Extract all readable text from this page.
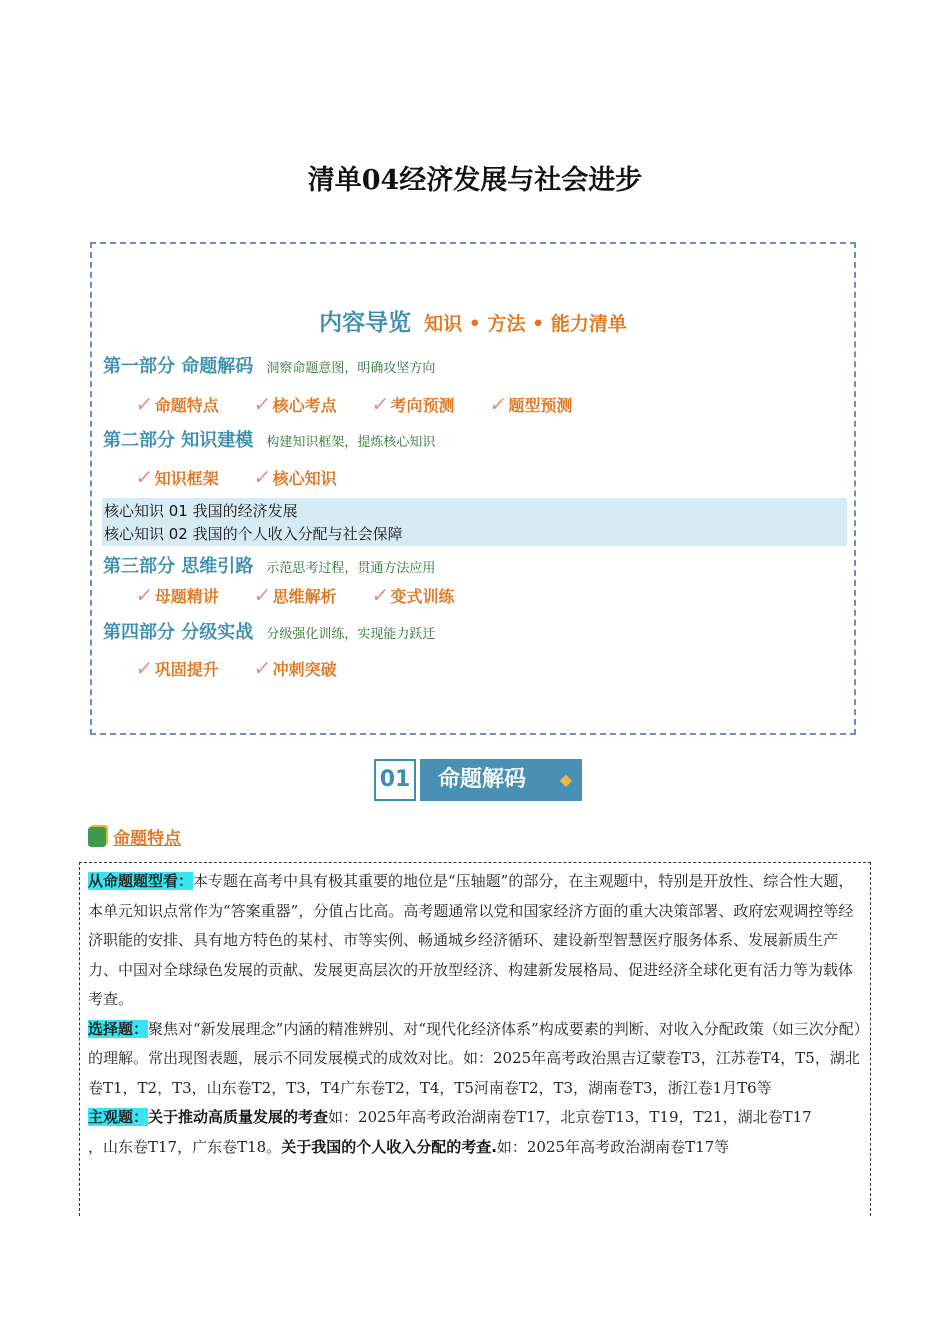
清单04经济发展与社会进步
内容导览 知识 • 方法 • 能力清单
第一部分 命题解码 洞察命题意图，明确攻坚方向
✓命题特点 ✓核心考点 ✓考向预测 ✓题型预测
第二部分 知识建模 构建知识框架，提炼核心知识
✓知识框架 ✓核心知识
核心知识 01 我国的经济发展
核心知识 02 我国的个人收入分配与社会保障
第三部分 思维引路 示范思考过程，贯通方法应用
✓母题精讲 ✓思维解析 ✓变式训练
第四部分 分级实战 分级强化训练，实现能力跃迁
✓巩固提升 ✓冲刺突破
01	命题解码	◆
命题特点

从命题题型看：本专题在高考中具有极其重要的地位是“压轴题”的部分，在主观题中，特别是开放性、综合性大题，本单元知识点常作为“答案重器”，分值占比高。高考题通常以党和国家经济方面的重大决策部署、政府宏观调控等经济职能的安排、具有地方特色的某村、市等实例、畅通城乡经济循环、建设新型智慧医疗服务体系、发展新质生产力、中国对全球绿色发展的贡献、发展更高层次的开放型经济、构建新发展格局、促进经济全球化更有活力等为载体考查。

选择题：聚焦对“新发展理念”内涵的精准辨别、对“现代化经济体系”构成要素的判断、对收入分配政策（如三次分配）的理解。常出现图表题，展示不同发展模式的成效对比。如：2025年高考政治黑吉辽蒙卷T3，江苏卷T4，T5，湖北卷T1，T2，T3，山东卷T2，T3，T4广东卷T2，T4，T5河南卷T2，T3，湖南卷T3，浙江卷1月T6等

主观题：关于推动高质量发展的考查如：2025年高考政治湖南卷T17，北京卷T13，T19，T21，湖北卷T17

，山东卷T17，广东卷T18。关于我国的个人收入分配的考查.如：2025年高考政治湖南卷T17等
